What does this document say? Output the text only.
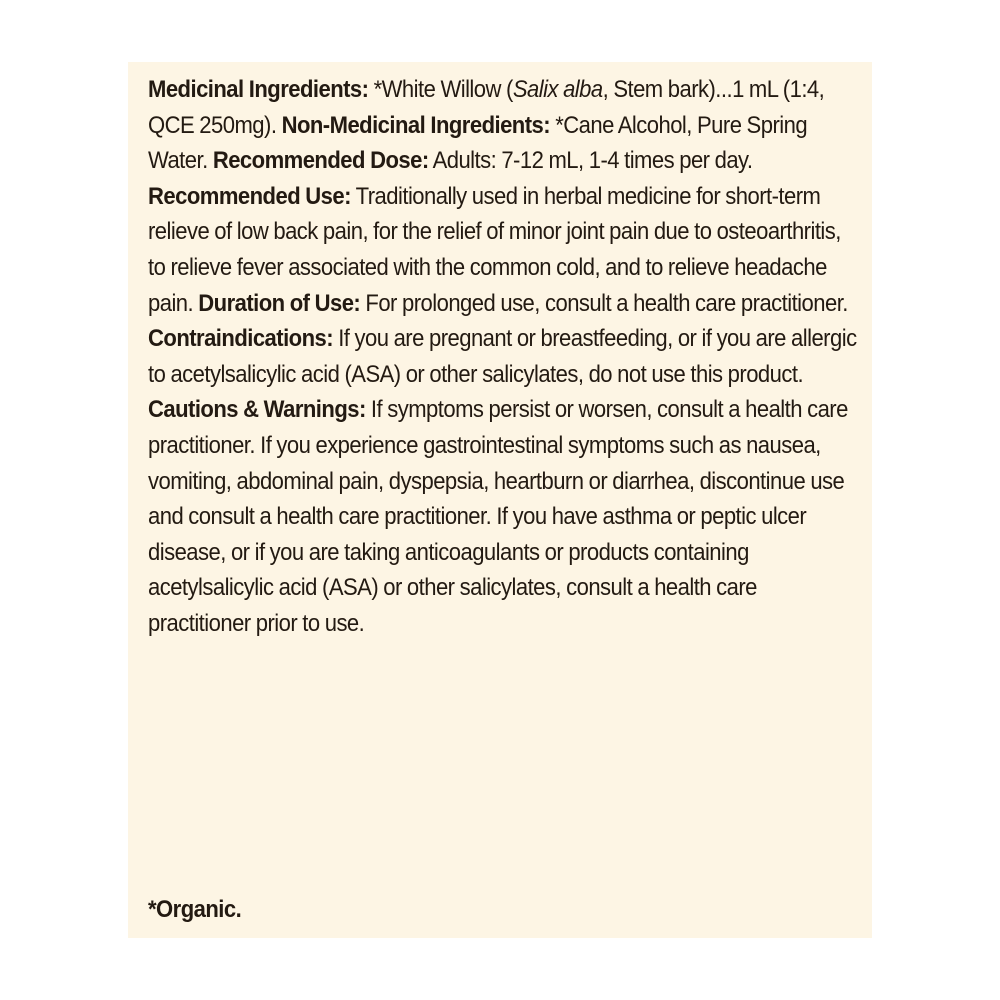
Medicinal Ingredients: *White Willow (Salix alba, Stem bark)...1 mL (1:4, QCE 250mg). Non-Medicinal Ingredients: *Cane Alcohol, Pure Spring Water. Recommended Dose: Adults: 7-12 mL, 1-4 times per day. Recommended Use: Traditionally used in herbal medicine for short-term relieve of low back pain, for the relief of minor joint pain due to osteoarthritis, to relieve fever associated with the common cold, and to relieve headache pain. Duration of Use: For prolonged use, consult a health care practitioner. Contraindications: If you are pregnant or breastfeeding, or if you are allergic to acetylsalicylic acid (ASA) or other salicylates, do not use this product. Cautions & Warnings: If symptoms persist or worsen, consult a health care practitioner. If you experience gastrointestinal symptoms such as nausea, vomiting, abdominal pain, dyspepsia, heartburn or diarrhea, discontinue use and consult a health care practitioner. If you have asthma or peptic ulcer disease, or if you are taking anticoagulants or products containing acetylsalicylic acid (ASA) or other salicylates, consult a health care practitioner prior to use.

*Organic.
